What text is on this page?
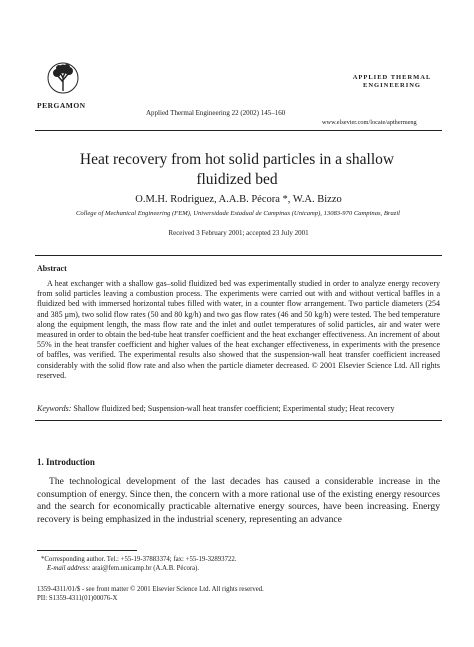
PERGAMON
Applied Thermal Engineering 22 (2002) 145–160
APPLIED THERMAL
ENGINEERING
www.elsevier.com/locate/apthermeng
Heat recovery from hot solid particles in a shallow fluidized bed
O.M.H. Rodriguez, A.A.B. Pécora *, W.A. Bizzo
College of Mechanical Engineering (FEM), Universidade Estadual de Campinas (Unicamp), 13083-970 Campinas, Brazil
Received 3 February 2001; accepted 23 July 2001
Abstract
A heat exchanger with a shallow gas–solid fluidized bed was experimentally studied in order to analyze energy recovery from solid particles leaving a combustion process. The experiments were carried out with and without vertical baffles in a fluidized bed with immersed horizontal tubes filled with water, in a counter flow arrangement. Two particle diameters (254 and 385 μm), two solid flow rates (50 and 80 kg/h) and two gas flow rates (46 and 50 kg/h) were tested. The bed temperature along the equipment length, the mass flow rate and the inlet and outlet temperatures of solid particles, air and water were measured in order to obtain the bed-tube heat transfer coefficient and the heat exchanger effectiveness. An increment of about 55% in the heat transfer coefficient and higher values of the heat exchanger effectiveness, in experiments with the presence of baffles, was verified. The experimental results also showed that the suspension-wall heat transfer coefficient increased considerably with the solid flow rate and also when the particle diameter decreased. © 2001 Elsevier Science Ltd. All rights reserved.
Keywords: Shallow fluidized bed; Suspension-wall heat transfer coefficient; Experimental study; Heat recovery
1. Introduction
The technological development of the last decades has caused a considerable increase in the consumption of energy. Since then, the concern with a more rational use of the existing energy resources and the search for economically practicable alternative energy sources, have been increasing. Energy recovery is being emphasized in the industrial scenery, representing an advance
*Corresponding author. Tel.: +55-19-37883374; fax: +55-19-32893722.
E-mail address: arai@fem.unicamp.br (A.A.B. Pécora).
1359-4311/01/$ - see front matter © 2001 Elsevier Science Ltd. All rights reserved.
PII: S1359-4311(01)00076-X
